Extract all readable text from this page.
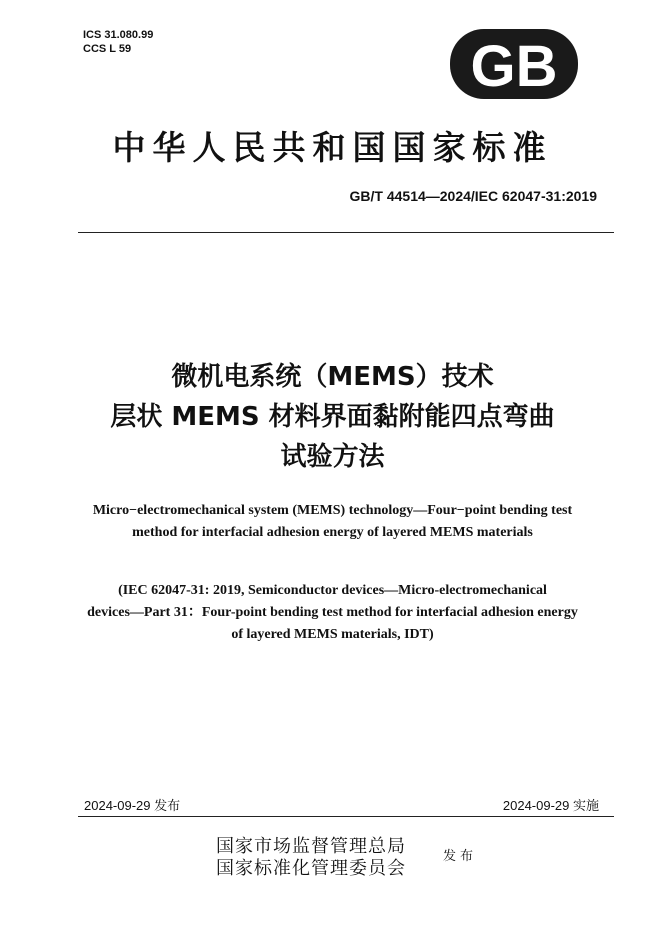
ICS 31.080.99
CCS L 59	GB
中华人民共和国国家标准
GB/T 44514—2024/IEC 62047-31:2019
微机电系统（MEMS）技术
层状 MEMS 材料界面黏附能四点弯曲
试验方法
Micro−electromechanical system (MEMS) technology—Four−point bending test
method for interfacial adhesion energy of layered MEMS materials
(IEC 62047-31: 2019, Semiconductor devices—Micro-electromechanical
devices—Part 31：Four-point bending test method for interfacial adhesion energy
of layered MEMS materials, IDT)
2024-09-29 发布	2024-09-29 实施
国家市场监督管理总局
国家标准化管理委员会
发布
